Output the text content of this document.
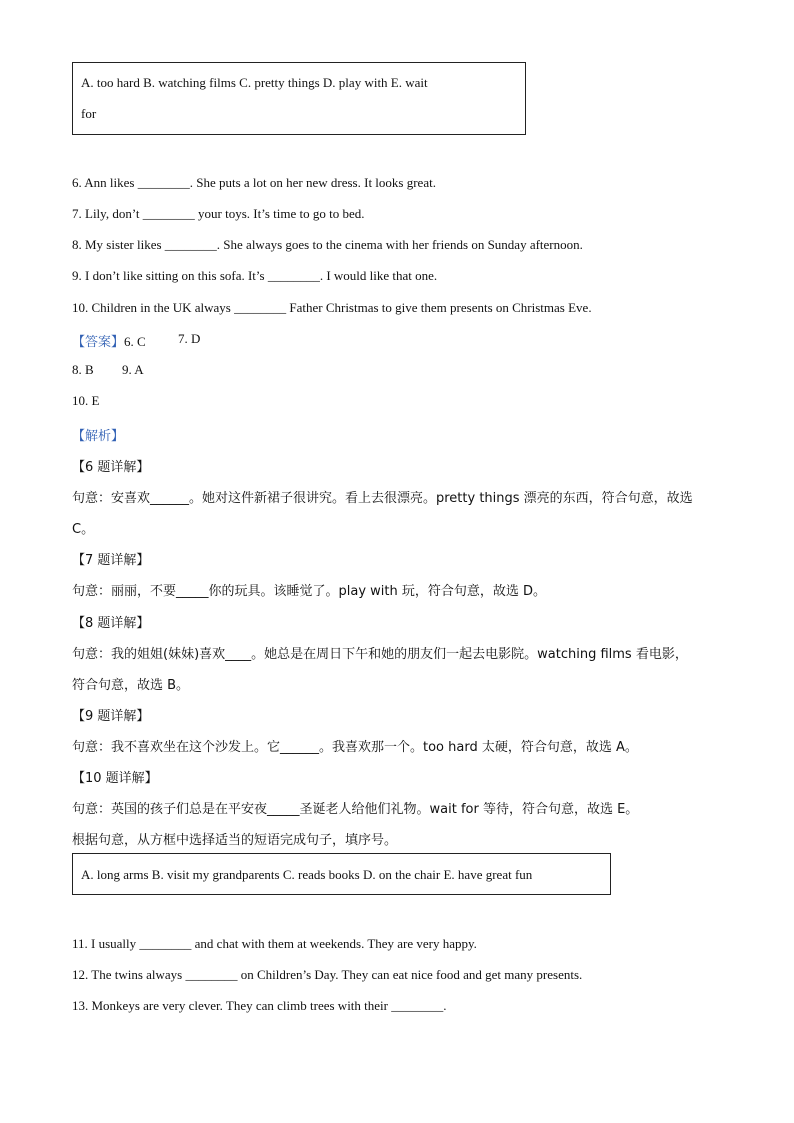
A. too hard B. watching films C. pretty things D. play with E. wait
for
6. Ann likes ________. She puts a lot on her new dress. It looks great.
7. Lily, don’t ________ your toys. It’s time to go to bed.
8. My sister likes ________. She always goes to the cinema with her friends on Sunday afternoon.
9. I don’t like sitting on this sofa. It’s ________. I would like that one.
10. Children in the UK always ________ Father Christmas to give them presents on Christmas Eve.
【答案】6. C 7. D
8. B 9. A
10. E
【解析】
【6 题详解】
句意：安喜欢______。她对这件新裙子很讲究。看上去很漂亮。pretty things 漂亮的东西，符合句意，故选
C。
【7 题详解】
句意：丽丽，不要_____你的玩具。该睡觉了。play with 玩，符合句意，故选 D。
【8 题详解】
句意：我的姐姐(妹妹)喜欢____。她总是在周日下午和她的朋友们一起去电影院。watching films 看电影，
符合句意，故选 B。
【9 题详解】
句意：我不喜欢坐在这个沙发上。它______。我喜欢那一个。too hard 太硬，符合句意，故选 A。
【10 题详解】
句意：英国的孩子们总是在平安夜_____圣诞老人给他们礼物。wait for 等待，符合句意，故选 E。
根据句意，从方框中选择适当的短语完成句子，填序号。
A. long arms B. visit my grandparents C. reads books D. on the chair E. have great fun
11. I usually ________ and chat with them at weekends. They are very happy.
12. The twins always ________ on Children’s Day. They can eat nice food and get many presents.
13. Monkeys are very clever. They can climb trees with their ________.
